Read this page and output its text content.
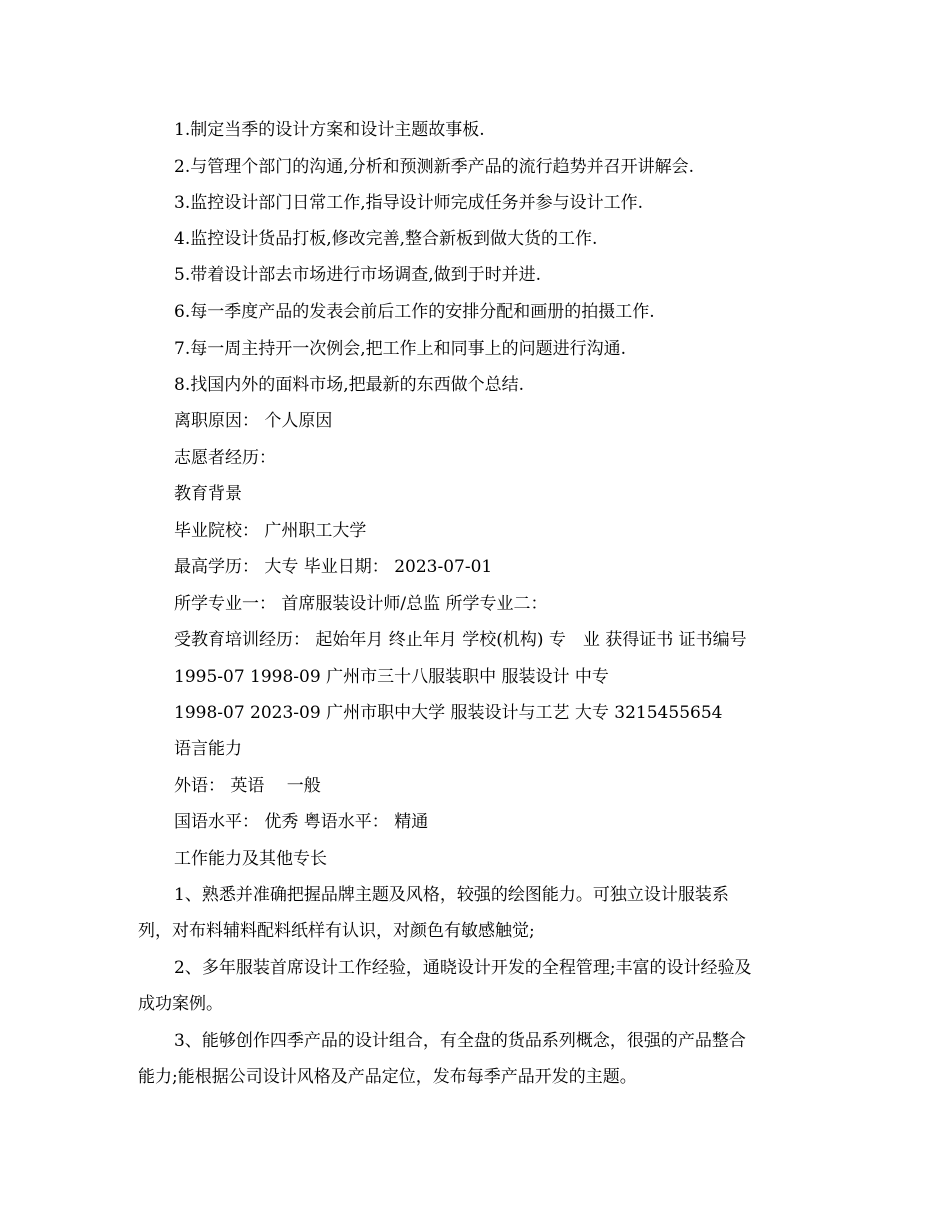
1.制定当季的设计方案和设计主题故事板.
2.与管理个部门的沟通,分析和预测新季产品的流行趋势并召开讲解会.
3.监控设计部门日常工作,指导设计师完成任务并参与设计工作.
4.监控设计货品打板,修改完善,整合新板到做大货的工作.
5.带着设计部去市场进行市场调查,做到于时并进.
6.每一季度产品的发表会前后工作的安排分配和画册的拍摄工作.
7.每一周主持开一次例会,把工作上和同事上的问题进行沟通.
8.找国内外的面料市场,把最新的东西做个总结.
离职原因： 个人原因
志愿者经历：
教育背景
毕业院校： 广州职工大学
最高学历： 大专 毕业日期： 2023-07-01
所学专业一： 首席服装设计师/总监 所学专业二：
受教育培训经历： 起始年月 终止年月 学校(机构) 专　业 获得证书 证书编号
1995-07 1998-09 广州市三十八服装职中 服装设计 中专
1998-07 2023-09 广州市职中大学 服装设计与工艺 大专 3215455654
语言能力
外语： 英语　 一般
国语水平： 优秀 粤语水平： 精通
工作能力及其他专长
1、熟悉并准确把握品牌主题及风格，较强的绘图能力。可独立设计服装系
列，对布料辅料配料纸样有认识，对颜色有敏感触觉;
2、多年服装首席设计工作经验，通晓设计开发的全程管理;丰富的设计经验及
成功案例。
3、能够创作四季产品的设计组合，有全盘的货品系列概念，很强的产品整合
能力;能根据公司设计风格及产品定位，发布每季产品开发的主题。
